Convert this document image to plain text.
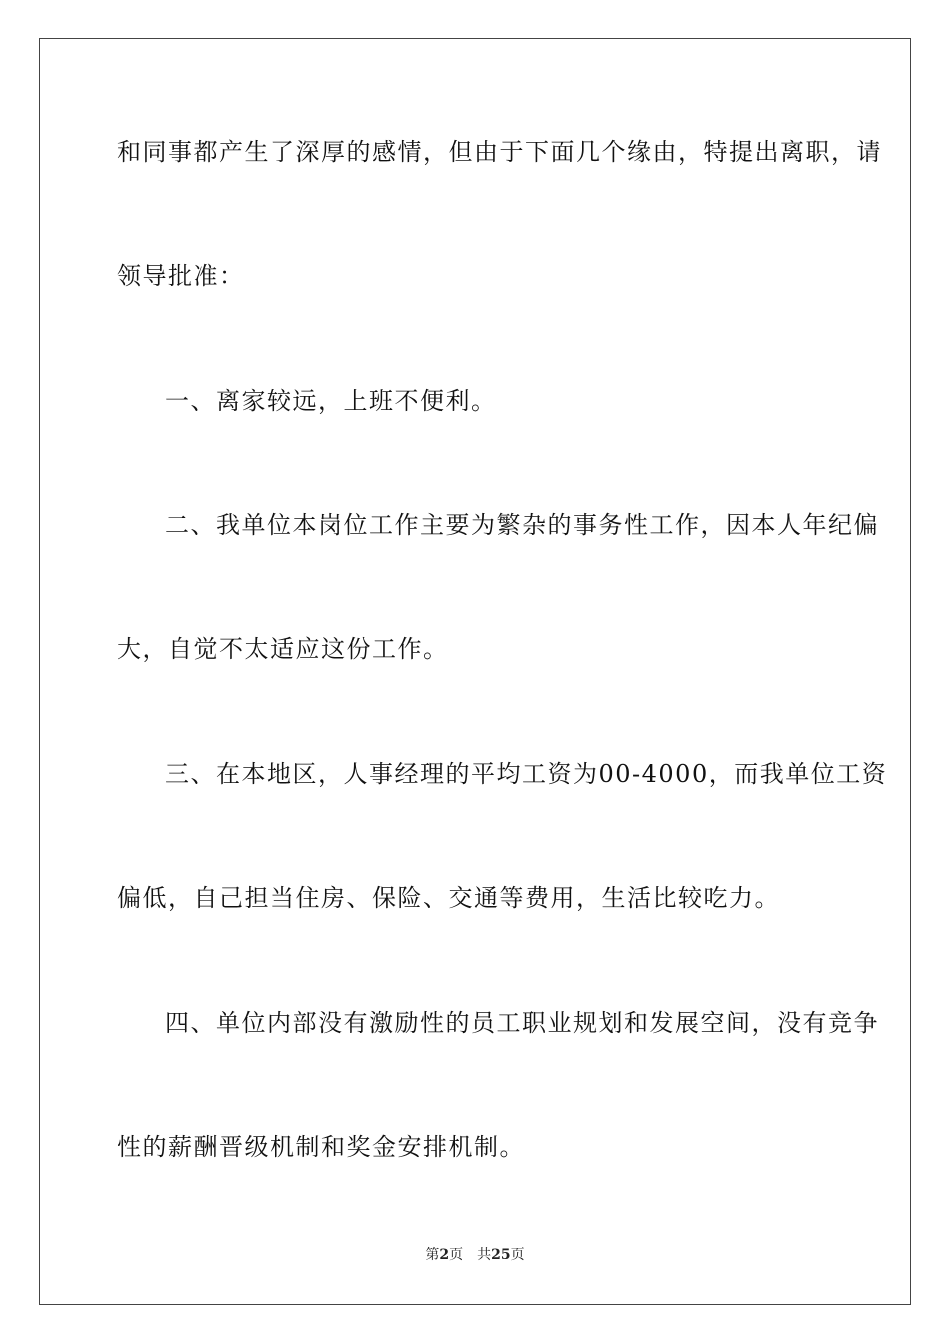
和同事都产生了深厚的感情，但由于下面几个缘由，特提出离职，请
领导批准：
一、离家较远，上班不便利。
二、我单位本岗位工作主要为繁杂的事务性工作，因本人年纪偏
大，自觉不太适应这份工作。
三、在本地区，人事经理的平均工资为00-4000，而我单位工资
偏低，自己担当住房、保险、交通等费用，生活比较吃力。
四、单位内部没有激励性的员工职业规划和发展空间，没有竞争
性的薪酬晋级机制和奖金安排机制。
第2页 共25页
